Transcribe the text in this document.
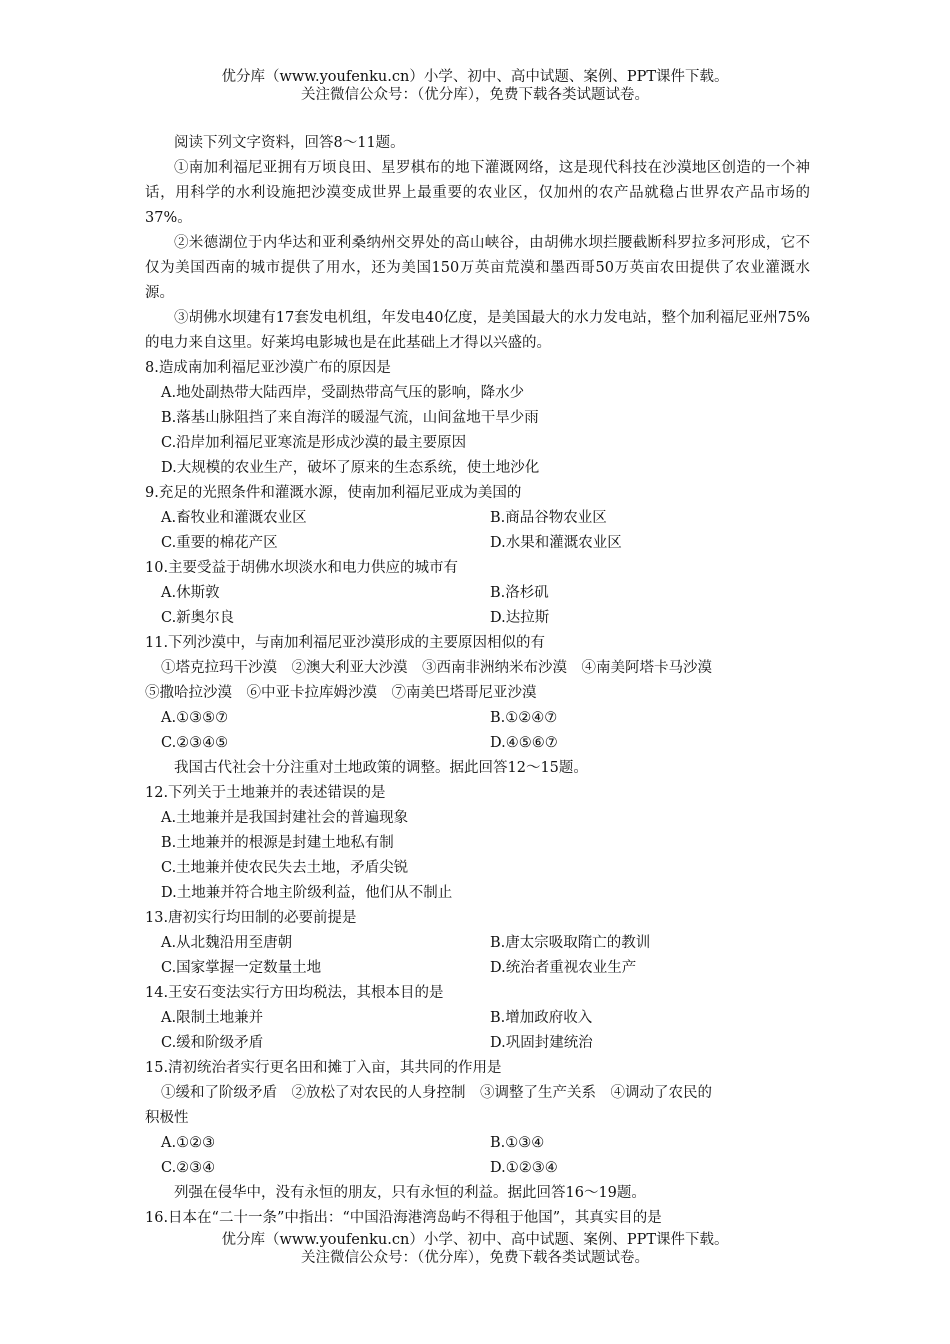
优分库（www.youfenku.cn）小学、初中、高中试题、案例、PPT课件下载。
关注微信公众号：（优分库），免费下载各类试题试卷。
阅读下列文字资料，回答8～11题。
①南加利福尼亚拥有万顷良田、星罗棋布的地下灌溉网络，这是现代科技在沙漠地区创造的一个神话，用科学的水利设施把沙漠变成世界上最重要的农业区，仅加州的农产品就稳占世界农产品市场的37%。
②米德湖位于内华达和亚利桑纳州交界处的高山峡谷，由胡佛水坝拦腰截断科罗拉多河形成，它不仅为美国西南的城市提供了用水，还为美国150万英亩荒漠和墨西哥50万英亩农田提供了农业灌溉水源。
③胡佛水坝建有17套发电机组，年发电40亿度，是美国最大的水力发电站，整个加利福尼亚州75%的电力来自这里。好莱坞电影城也是在此基础上才得以兴盛的。
8.造成南加利福尼亚沙漠广布的原因是
A.地处副热带大陆西岸，受副热带高气压的影响，降水少
B.落基山脉阻挡了来自海洋的暖湿气流，山间盆地干旱少雨
C.沿岸加利福尼亚寒流是形成沙漠的最主要原因
D.大规模的农业生产，破坏了原来的生态系统，使土地沙化
9.充足的光照条件和灌溉水源，使南加利福尼亚成为美国的
A.畜牧业和灌溉农业区	B.商品谷物农业区
C.重要的棉花产区	D.水果和灌溉农业区
10.主要受益于胡佛水坝淡水和电力供应的城市有
A.休斯敦	B.洛杉矶
C.新奥尔良	D.达拉斯
11.下列沙漠中，与南加利福尼亚沙漠形成的主要原因相似的有
①塔克拉玛干沙漠　②澳大利亚大沙漠　③西南非洲纳米布沙漠　④南美阿塔卡马沙漠
⑤撒哈拉沙漠　⑥中亚卡拉库姆沙漠　⑦南美巴塔哥尼亚沙漠
A.①③⑤⑦	B.①②④⑦
C.②③④⑤	D.④⑤⑥⑦
我国古代社会十分注重对土地政策的调整。据此回答12～15题。
12.下列关于土地兼并的表述错误的是
A.土地兼并是我国封建社会的普遍现象
B.土地兼并的根源是封建土地私有制
C.土地兼并使农民失去土地，矛盾尖锐
D.土地兼并符合地主阶级利益，他们从不制止
13.唐初实行均田制的必要前提是
A.从北魏沿用至唐朝	B.唐太宗吸取隋亡的教训
C.国家掌握一定数量土地	D.统治者重视农业生产
14.王安石变法实行方田均税法，其根本目的是
A.限制土地兼并	B.增加政府收入
C.缓和阶级矛盾	D.巩固封建统治
15.清初统治者实行更名田和摊丁入亩，其共同的作用是
①缓和了阶级矛盾　②放松了对农民的人身控制　③调整了生产关系　④调动了农民的
积极性
A.①②③	B.①③④
C.②③④	D.①②③④
列强在侵华中，没有永恒的朋友，只有永恒的利益。据此回答16～19题。
16.日本在“二十一条”中指出：“中国沿海港湾岛屿不得租于他国”，其真实目的是
优分库（www.youfenku.cn）小学、初中、高中试题、案例、PPT课件下载。
关注微信公众号：（优分库），免费下载各类试题试卷。
